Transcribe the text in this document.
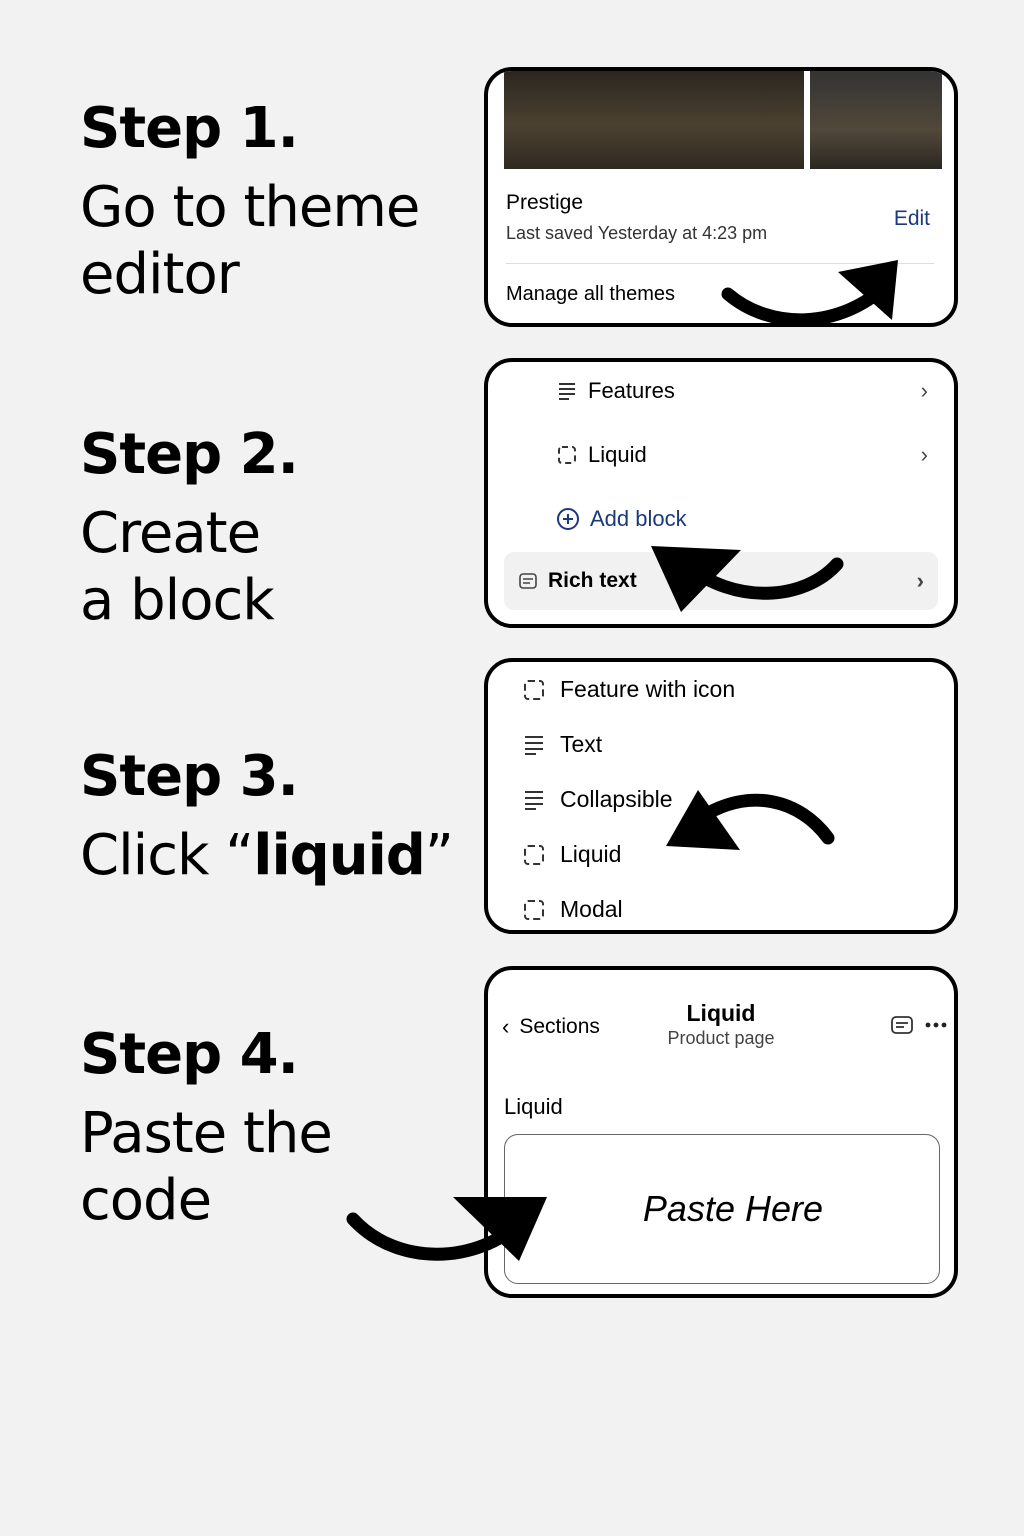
Step 1.
Go to theme
editor
Step 2.
Create
a block
Step 3.
Click “liquid”
Step 4.
Paste the
code
Prestige
Last saved Yesterday at 4:23 pm
Edit
Manage all themes
Features	›
Liquid	›
Add block
Rich text	›
Feature with icon
Text
Collapsible
Liquid
Modal
‹ Sections
Liquid
Product page
Liquid
Paste Here
